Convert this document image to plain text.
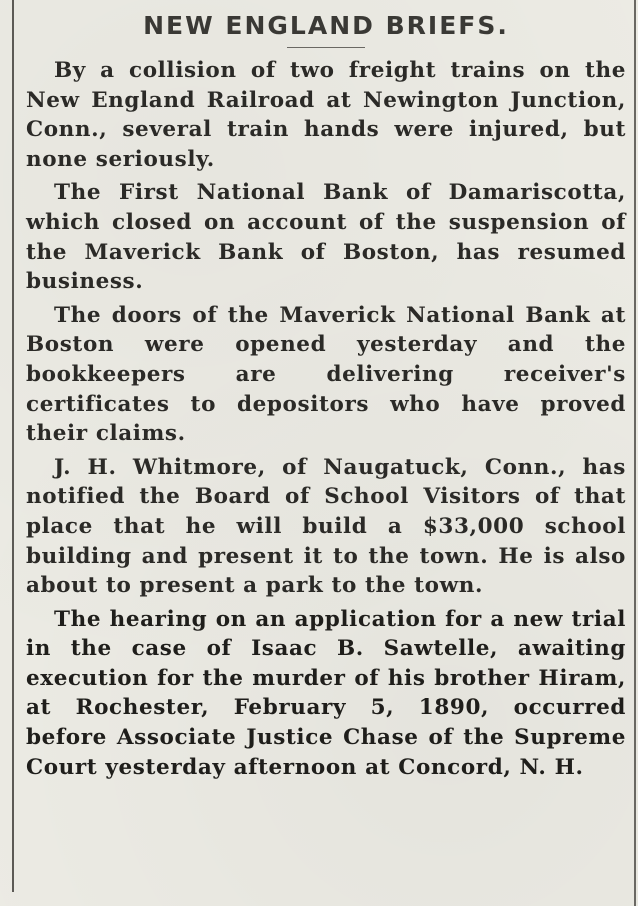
NEW ENGLAND BRIEFS.

By a collision of two freight trains on the New England Railroad at Newington Junction, Conn., several train hands were injured, but none seriously.

The First National Bank of Damariscotta, which closed on account of the suspension of the Maverick Bank of Boston, has resumed business.

The doors of the Maverick National Bank at Boston were opened yesterday and the bookkeepers are delivering receiver's certificates to depositors who have proved their claims.

J. H. Whitmore, of Naugatuck, Conn., has notified the Board of School Visitors of that place that he will build a $33,000 school building and present it to the town. He is also about to present a park to the town.

The hearing on an application for a new trial in the case of Isaac B. Sawtelle, awaiting execution for the murder of his brother Hiram, at Rochester, February 5, 1890, occurred before Associate Justice Chase of the Supreme Court yesterday afternoon at Concord, N. H.
